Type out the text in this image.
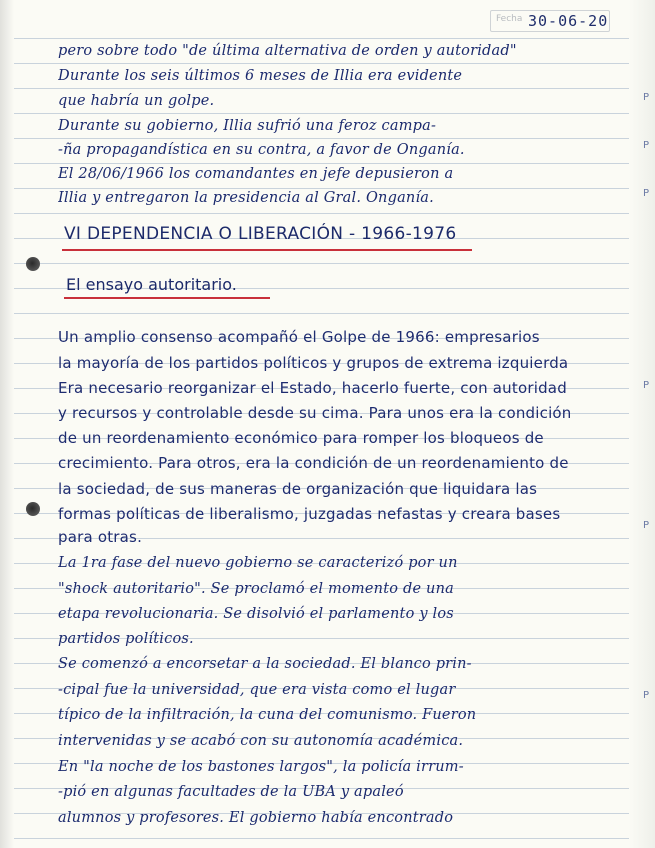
P
P
P
P
P
P
Fecha 30-06-20
pero sobre todo "de última alternativa de orden y autoridad"
Durante los seis últimos 6 meses de Illia era evidente
que habría un golpe.
Durante su gobierno, Illia sufrió una feroz campa-
-ña propagandística en su contra, a favor de Onganía.
El 28/06/1966 los comandantes en jefe depusieron a
Illia y entregaron la presidencia al Gral. Onganía.
VI DEPENDENCIA O LIBERACIÓN - 1966-1976
El ensayo autoritario.
Un amplio consenso acompañó el Golpe de 1966: empresarios
la mayoría de los partidos políticos y grupos de extrema izquierda
Era necesario reorganizar el Estado, hacerlo fuerte, con autoridad
y recursos y controlable desde su cima. Para unos era la condición
de un reordenamiento económico para romper los bloqueos de
crecimiento. Para otros, era la condición de un reordenamiento de
la sociedad, de sus maneras de organización que liquidara las
formas políticas de liberalismo, juzgadas nefastas y creara bases
para otras.
La 1ra fase del nuevo gobierno se caracterizó por un
"shock autoritario". Se proclamó el momento de una
etapa revolucionaria. Se disolvió el parlamento y los
partidos políticos.
Se comenzó a encorsetar a la sociedad. El blanco prin-
-cipal fue la universidad, que era vista como el lugar
típico de la infiltración, la cuna del comunismo. Fueron
intervenidas y se acabó con su autonomía académica.
En "la noche de los bastones largos", la policía irrum-
-pió en algunas facultades de la UBA y apaleó
alumnos y profesores. El gobierno había encontrado
